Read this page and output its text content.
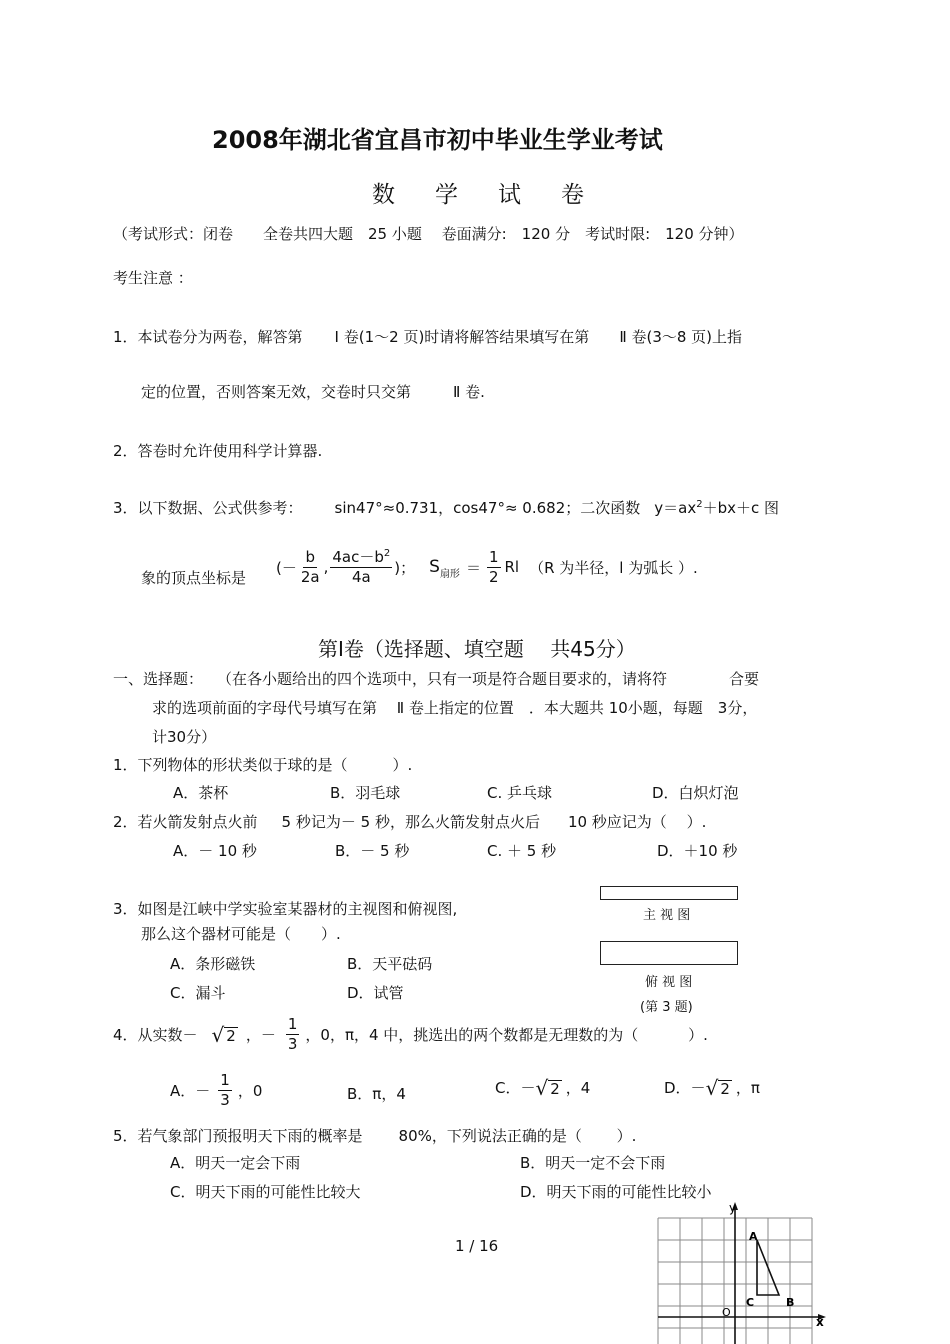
2008年湖北省宜昌市初中毕业生学业考试
数 学 试 卷
（考试形式：闭卷　　全卷共四大题　25 小题　 卷面满分:　120 分　考试时限:　120 分钟）
考生注意 ：
1．本试卷分为两卷，解答第 Ⅰ 卷(1～2 页)时请将解答结果填写在第 Ⅱ 卷(3～8 页)上指
定的位置，否则答案无效，交卷时只交第	Ⅱ 卷.
2．答卷时允许使用科学计算器.
3．以下数据、公式供参考： sin47°≈0.731，cos47°≈ 0.682；二次函数 $y=ax^2+bx+c$ 图
象的顶点坐标是
(－ $\frac{b}{2a}$ , $\frac{4ac-b^2}{4a}$ )； S 扇形 ＝ $\frac{1}{2}$ Rl （R 为半径，l 为弧长 ）.
第Ⅰ卷（选择题、填空题　 共45分）
一、选择题： （在各小题给出的四个选项中，只有一项是符合题目要求的，请将符	合要
求的选项前面的字母代号填写在第　 Ⅱ 卷上指定的位置　．本大题共 10小题，每题　3分，
计30分）
1．下列物体的形状类似于球的是（　　　）.
A．茶杯	B．羽毛球	C. 乒乓球	D．白炽灯泡
2．若火箭发射点火前 5 秒记为－ 5 秒，那么火箭发射点火后 10 秒应记为（　 ）.
A．－ 10 秒	B．－ 5 秒	C. ＋ 5 秒	D．＋10 秒
3．如图是江峡中学实验室某器材的主视图和俯视图,
那么这个器材可能是（　　）.
A．条形磁铁	B．天平砝码
C．漏斗	D．试管
主 视 图
俯 视 图
(第 3 题)
4．从实数－ √ 2 ，－ $\frac{1}{3}$ ，0，π，4 中，挑选出的两个数都是无理数的为（　　　 ）.
A．－ $\frac{1}{3}$ ，0	B．π，4	C．－ √ 2 ，4	D．－ √ 2 ，π
5．若气象部门预报明天下雨的概率是 80%，下列说法正确的是（　　 ）.
A．明天一定会下雨	B．明天一定不会下雨
C．明天下雨的可能性比较大	D．明天下雨的可能性比较小
1 / 16
y
x
O
A
C	B
